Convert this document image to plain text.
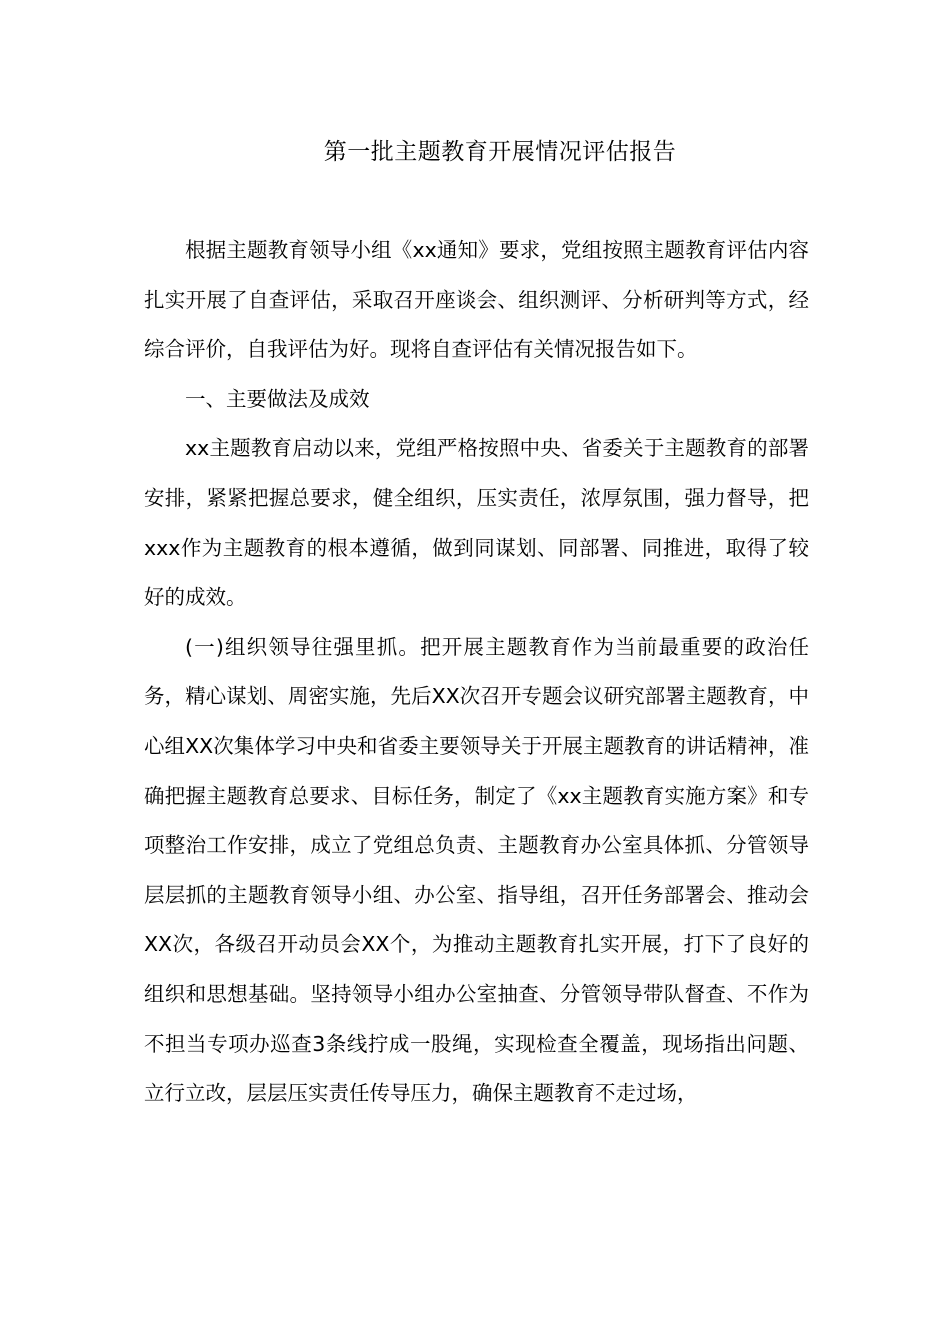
第一批主题教育开展情况评估报告

根据主题教育领导小组《xx通知》要求，党组按照主题教育评估内容扎实开展了自查评估，采取召开座谈会、组织测评、分析研判等方式，经综合评价，自我评估为好。现将自查评估有关情况报告如下。

一、主要做法及成效

xx主题教育启动以来，党组严格按照中央、省委关于主题教育的部署安排，紧紧把握总要求，健全组织，压实责任，浓厚氛围，强力督导，把xxx作为主题教育的根本遵循，做到同谋划、同部署、同推进，取得了较好的成效。

(一)组织领导往强里抓。把开展主题教育作为当前最重要的政治任务，精心谋划、周密实施，先后XX次召开专题会议研究部署主题教育，中心组XX次集体学习中央和省委主要领导关于开展主题教育的讲话精神，准确把握主题教育总要求、目标任务，制定了《xx主题教育实施方案》和专项整治工作安排，成立了党组总负责、主题教育办公室具体抓、分管领导层层抓的主题教育领导小组、办公室、指导组，召开任务部署会、推动会XX次，各级召开动员会XX个，为推动主题教育扎实开展，打下了良好的组织和思想基础。坚持领导小组办公室抽查、分管领导带队督查、不作为不担当专项办巡查3条线拧成一股绳，实现检查全覆盖，现场指出问题、立行立改，层层压实责任传导压力，确保主题教育不走过场，
